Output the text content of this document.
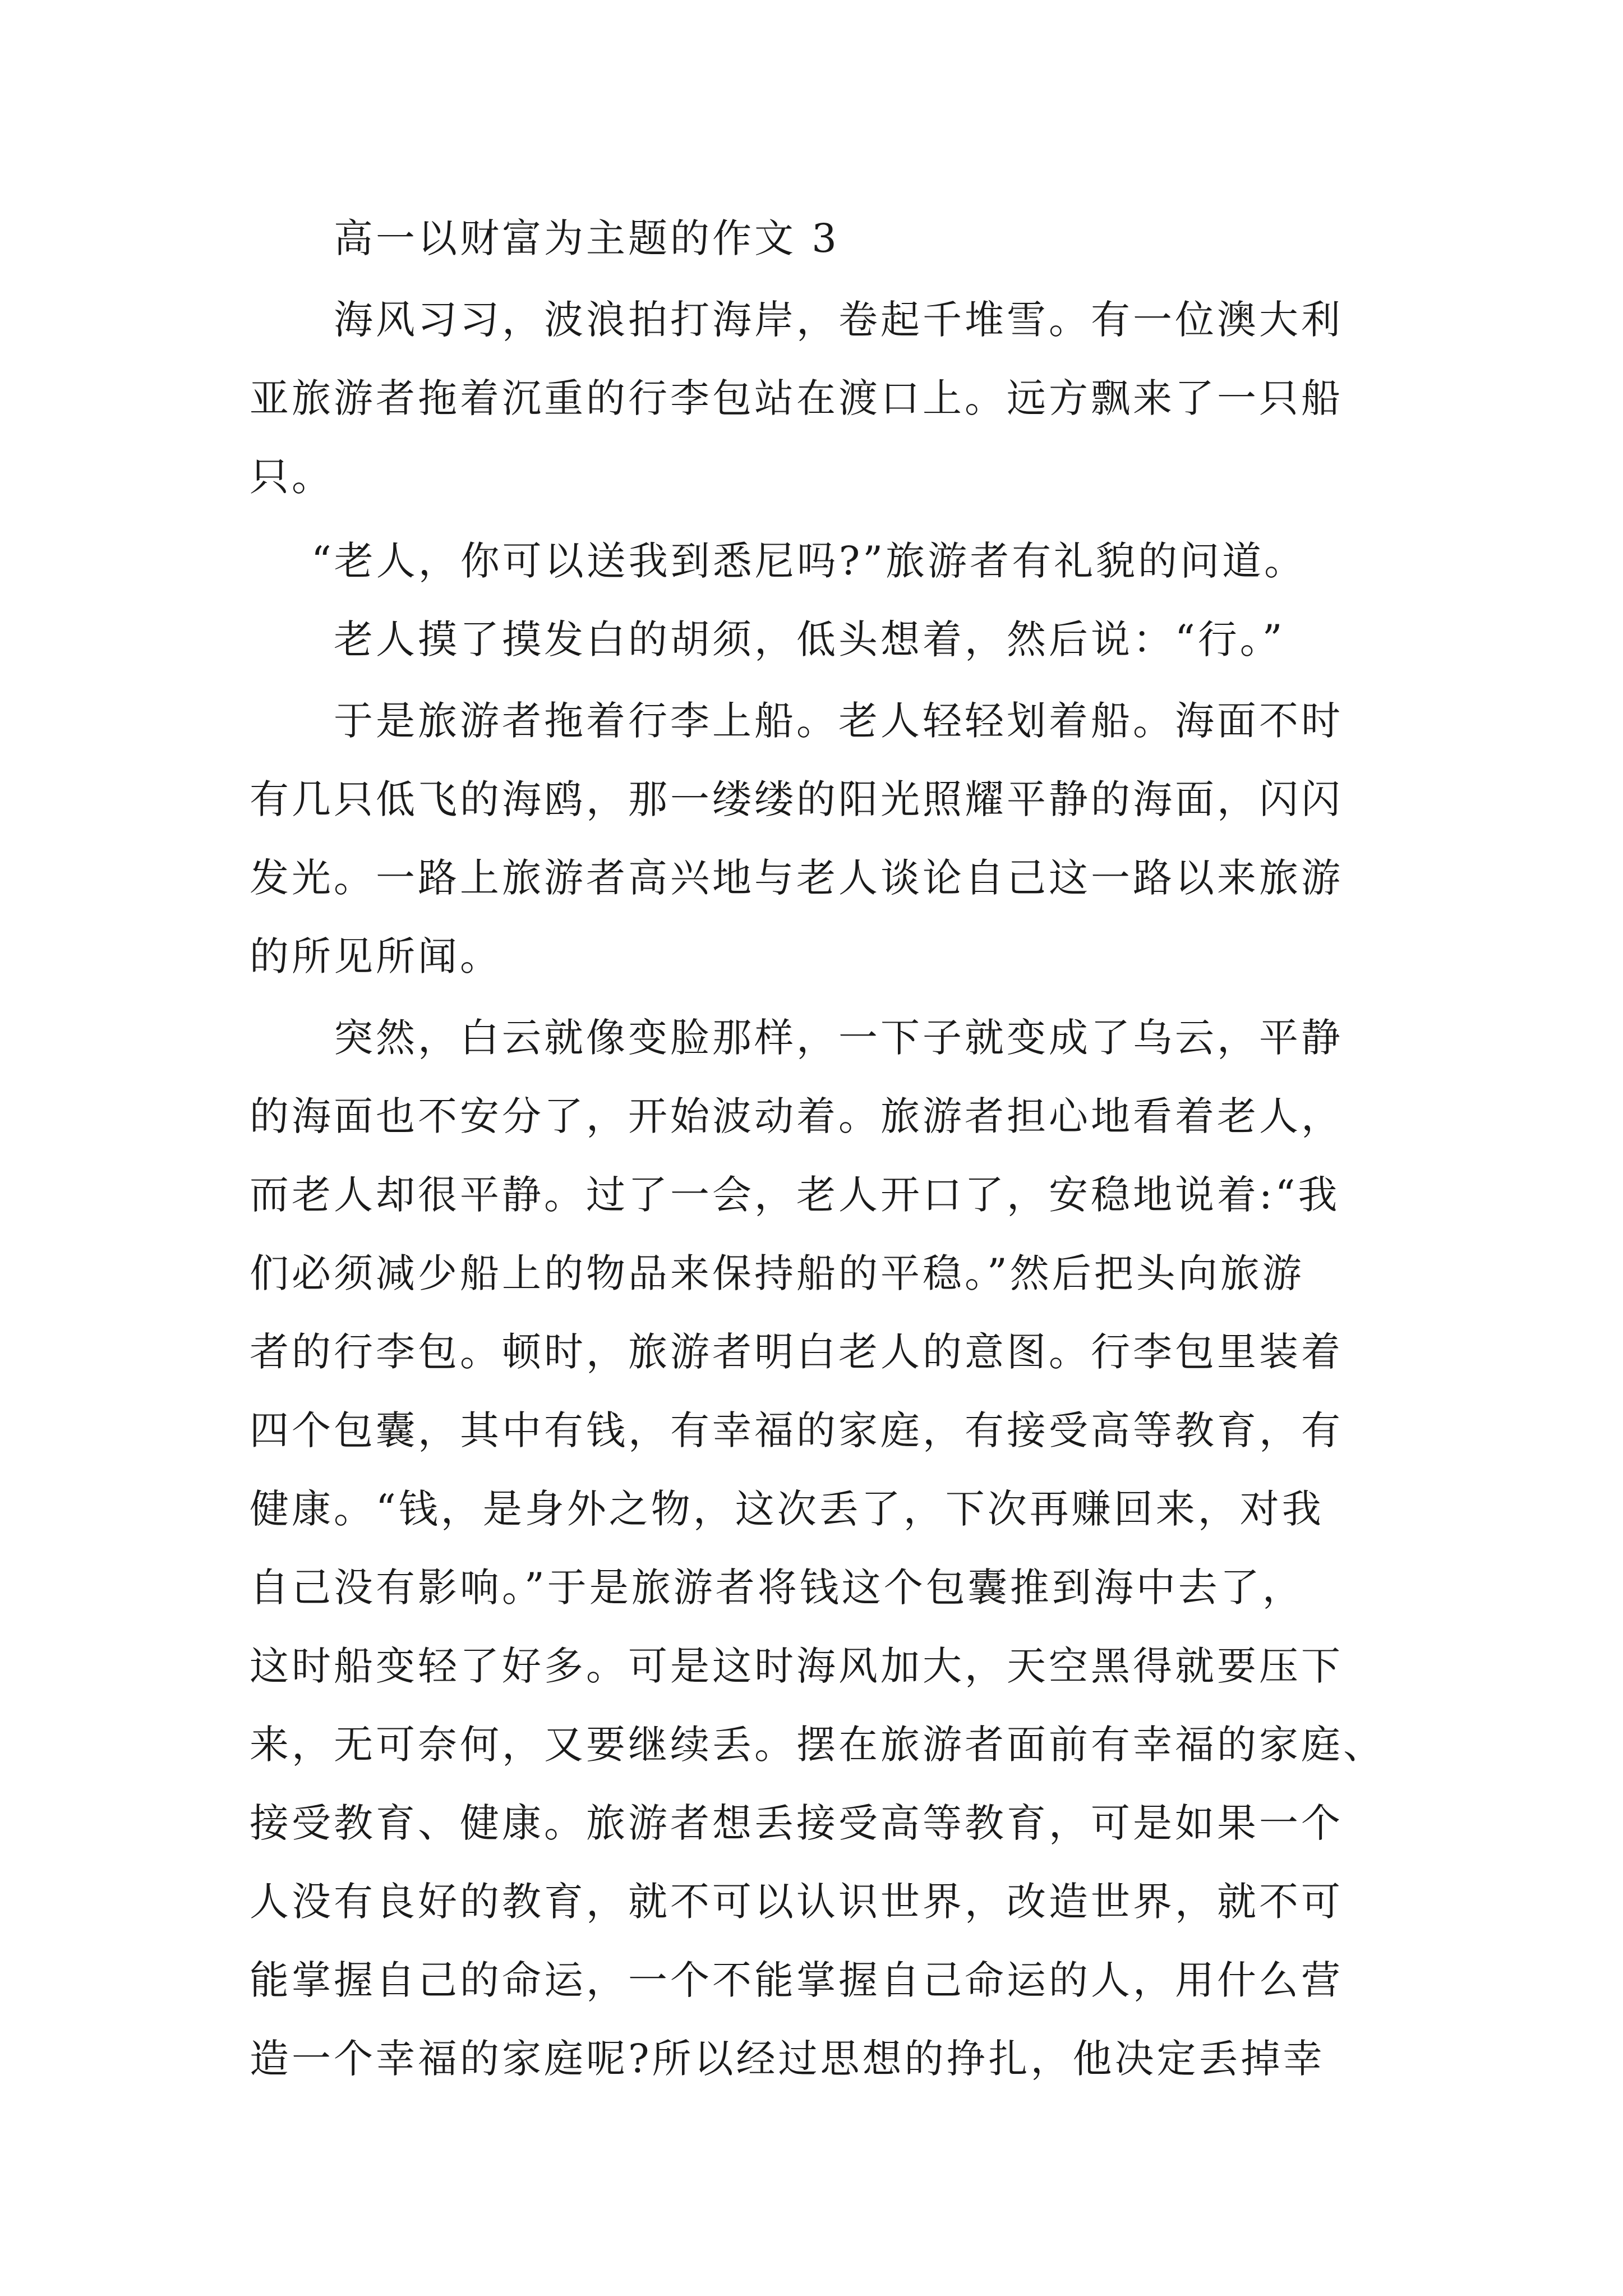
高一以财富为主题的作文 3
海风习习，波浪拍打海岸，卷起千堆雪。有一位澳大利
亚旅游者拖着沉重的行李包站在渡口上。远方飘来了一只船
只。
“老人，你可以送我到悉尼吗?”旅游者有礼貌的问道。
老人摸了摸发白的胡须，低头想着，然后说：“行。”
于是旅游者拖着行李上船。老人轻轻划着船。海面不时
有几只低飞的海鸥，那一缕缕的阳光照耀平静的海面，闪闪
发光。一路上旅游者高兴地与老人谈论自己这一路以来旅游
的所见所闻。
突然，白云就像变脸那样，一下子就变成了乌云，平静
的海面也不安分了，开始波动着。旅游者担心地看着老人，
而老人却很平静。过了一会，老人开口了，安稳地说着:“我
们必须减少船上的物品来保持船的平稳。”然后把头向旅游
者的行李包。顿时，旅游者明白老人的意图。行李包里装着
四个包囊，其中有钱，有幸福的家庭，有接受高等教育，有
健康。“钱，是身外之物，这次丢了，下次再赚回来，对我
自己没有影响。”于是旅游者将钱这个包囊推到海中去了，
这时船变轻了好多。可是这时海风加大，天空黑得就要压下
来，无可奈何，又要继续丢。摆在旅游者面前有幸福的家庭、
接受教育、健康。旅游者想丢接受高等教育，可是如果一个
人没有良好的教育，就不可以认识世界，改造世界，就不可
能掌握自己的命运，一个不能掌握自己命运的人，用什么营
造一个幸福的家庭呢?所以经过思想的挣扎，他决定丢掉幸
